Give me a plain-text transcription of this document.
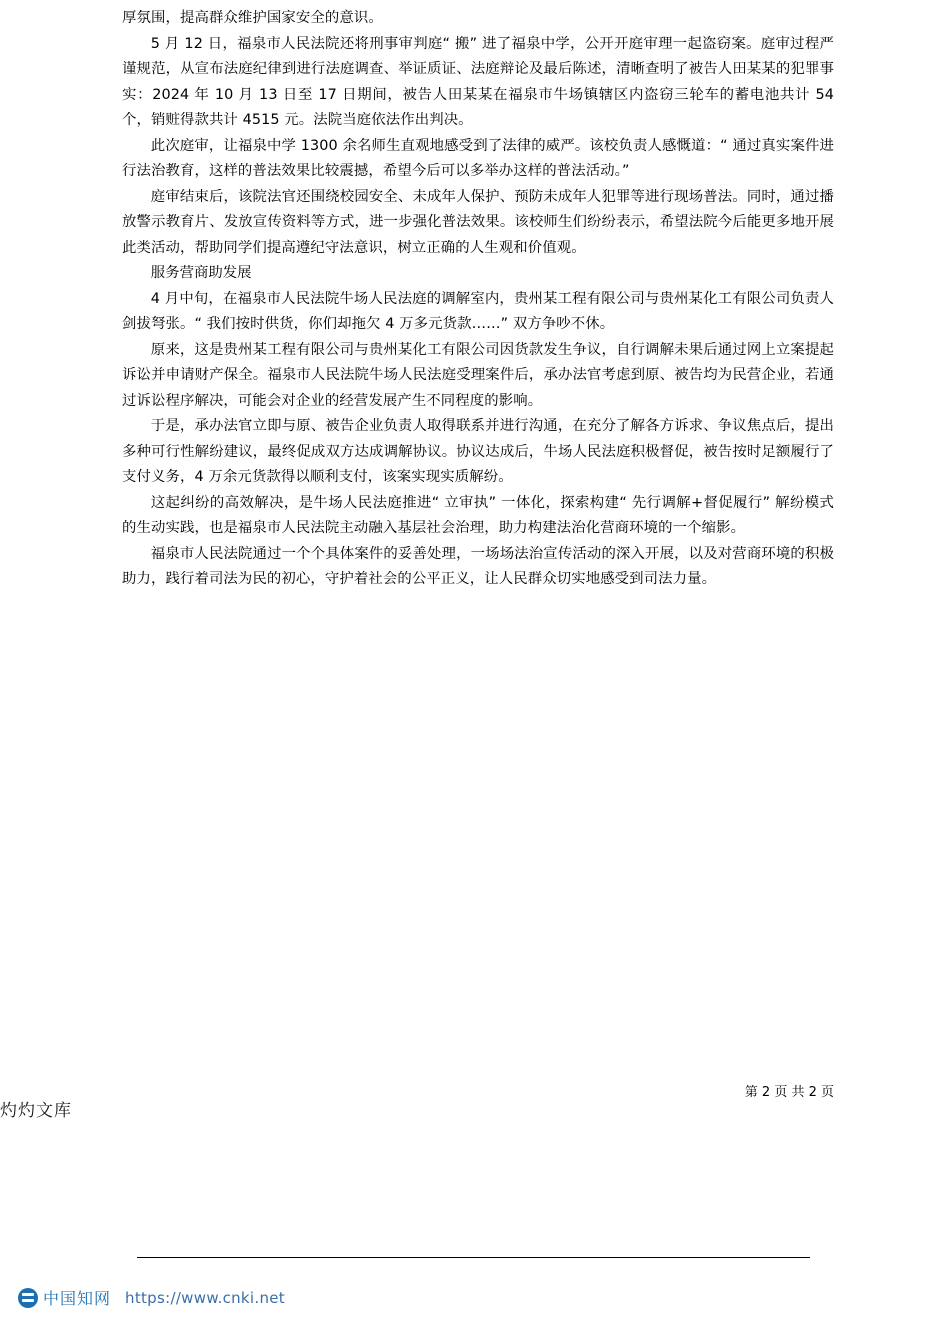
厚氛围，提高群众维护国家安全的意识。

5 月 12 日，福泉市人民法院还将刑事审判庭“ 搬” 进了福泉中学，公开开庭审理一起盗窃案。庭审过程严谨规范，从宣布法庭纪律到进行法庭调查、举证质证、法庭辩论及最后陈述，清晰查明了被告人田某某的犯罪事实：2024 年 10 月 13 日至 17 日期间，被告人田某某在福泉市牛场镇辖区内盗窃三轮车的蓄电池共计 54 个，销赃得款共计 4515 元。法院当庭依法作出判决。

此次庭审，让福泉中学 1300 余名师生直观地感受到了法律的威严。该校负责人感慨道：“ 通过真实案件进行法治教育，这样的普法效果比较震撼，希望今后可以多举办这样的普法活动。”

庭审结束后，该院法官还围绕校园安全、未成年人保护、预防未成年人犯罪等进行现场普法。同时，通过播放警示教育片、发放宣传资料等方式，进一步强化普法效果。该校师生们纷纷表示，希望法院今后能更多地开展此类活动，帮助同学们提高遵纪守法意识，树立正确的人生观和价值观。

服务营商助发展

4 月中旬，在福泉市人民法院牛场人民法庭的调解室内，贵州某工程有限公司与贵州某化工有限公司负责人剑拔弩张。“ 我们按时供货，你们却拖欠 4 万多元货款……” 双方争吵不休。

原来，这是贵州某工程有限公司与贵州某化工有限公司因货款发生争议，自行调解未果后通过网上立案提起诉讼并申请财产保全。福泉市人民法院牛场人民法庭受理案件后，承办法官考虑到原、被告均为民营企业，若通过诉讼程序解决，可能会对企业的经营发展产生不同程度的影响。

于是，承办法官立即与原、被告企业负责人取得联系并进行沟通，在充分了解各方诉求、争议焦点后，提出多种可行性解纷建议，最终促成双方达成调解协议。协议达成后，牛场人民法庭积极督促，被告按时足额履行了支付义务，4 万余元货款得以顺利支付，该案实现实质解纷。

这起纠纷的高效解决，是牛场人民法庭推进“ 立审执” 一体化，探索构建“ 先行调解+督促履行” 解纷模式的生动实践，也是福泉市人民法院主动融入基层社会治理，助力构建法治化营商环境的一个缩影。

福泉市人民法院通过一个个具体案件的妥善处理，一场场法治宣传活动的深入开展，以及对营商环境的积极助力，践行着司法为民的初心，守护着社会的公平正义，让人民群众切实地感受到司法力量。

第 2 页 共 2 页
灼灼文库
中国知网 https://www.cnki.net
